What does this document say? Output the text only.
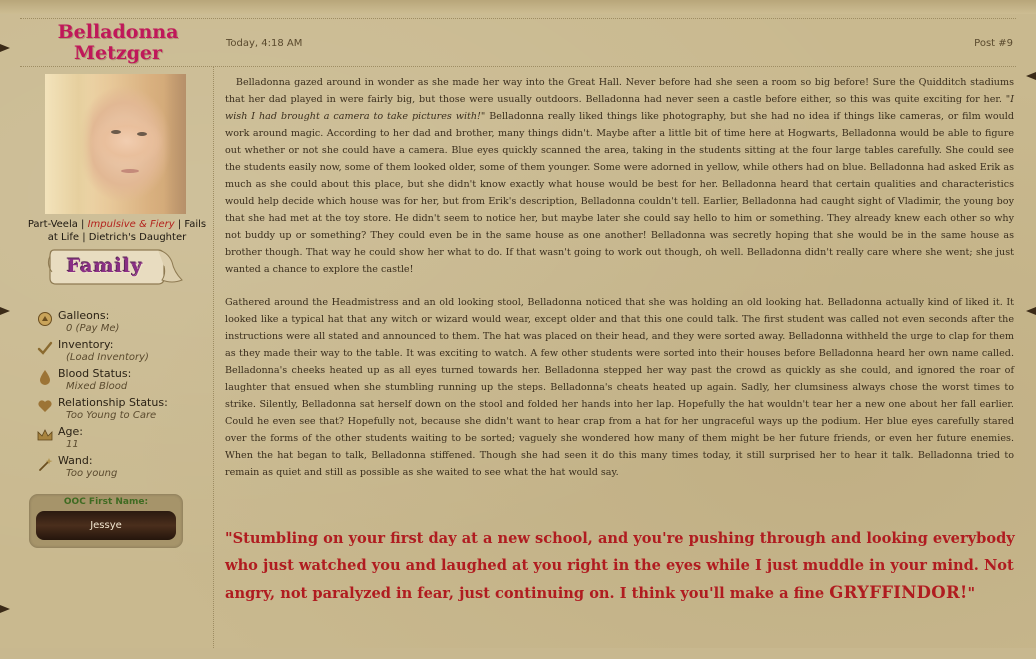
Belladonna
Metzger	Today, 4:18 AM	Post #9
Part-Veela | Impulsive & Fiery | Fails at Life | Dietrich's Daughter
Family
Galleons:
0 (Pay Me)
Inventory:
(Load Inventory)
Blood Status:
Mixed Blood
Relationship Status:
Too Young to Care
Age:
11
Wand:
Too young
OOC First Name:
Jessye

Belladonna gazed around in wonder as she made her way into the Great Hall. Never before had she seen a room so big before! Sure the Quidditch stadiums that her dad played in were fairly big, but those were usually outdoors. Belladonna had never seen a castle before either, so this was quite exciting for her. "I wish I had brought a camera to take pictures with!" Belladonna really liked things like photography, but she had no idea if things like cameras, or film would work around magic. According to her dad and brother, many things didn't. Maybe after a little bit of time here at Hogwarts, Belladonna would be able to figure out whether or not she could have a camera. Blue eyes quickly scanned the area, taking in the students sitting at the four large tables carefully. She could see the students easily now, some of them looked older, some of them younger. Some were adorned in yellow, while others had on blue. Belladonna had asked Erik as much as she could about this place, but she didn't know exactly what house would be best for her. Belladonna heard that certain qualities and characteristics would help decide which house was for her, but from Erik's description, Belladonna couldn't tell. Earlier, Belladonna had caught sight of Vladimir, the young boy that she had met at the toy store. He didn't seem to notice her, but maybe later she could say hello to him or something. They already knew each other so why not buddy up or something? They could even be in the same house as one another! Belladonna was secretly hoping that she would be in the same house as brother though. That way he could show her what to do. If that wasn't going to work out though, oh well. Belladonna didn't really care where she went; she just wanted a chance to explore the castle!

Gathered around the Headmistress and an old looking stool, Belladonna noticed that she was holding an old looking hat. Belladonna actually kind of liked it. It looked like a typical hat that any witch or wizard would wear, except older and that this one could talk. The first student was called not even seconds after the instructions were all stated and announced to them. The hat was placed on their head, and they were sorted away. Belladonna withheld the urge to clap for them as they made their way to the table. It was exciting to watch. A few other students were sorted into their houses before Belladonna heard her own name called. Belladonna's cheeks heated up as all eyes turned towards her. Belladonna stepped her way past the crowd as quickly as she could, and ignored the roar of laughter that ensued when she stumbling running up the steps. Belladonna's cheats heated up again. Sadly, her clumsiness always chose the worst times to strike. Silently, Belladonna sat herself down on the stool and folded her hands into her lap. Hopefully the hat wouldn't tear her a new one about her fall earlier. Could he even see that? Hopefully not, because she didn't want to hear crap from a hat for her ungraceful ways up the podium. Her blue eyes carefully stared over the forms of the other students waiting to be sorted; vaguely she wondered how many of them might be her future friends, or even her future enemies. When the hat began to talk, Belladonna stiffened. Though she had seen it do this many times today, it still surprised her to hear it talk. Belladonna tried to remain as quiet and still as possible as she waited to see what the hat would say.

"Stumbling on your first day at a new school, and you're pushing through and looking everybody who just watched you and laughed at you right in the eyes while I just muddle in your mind. Not angry, not paralyzed in fear, just continuing on. I think you'll make a fine GRYFFINDOR!"
